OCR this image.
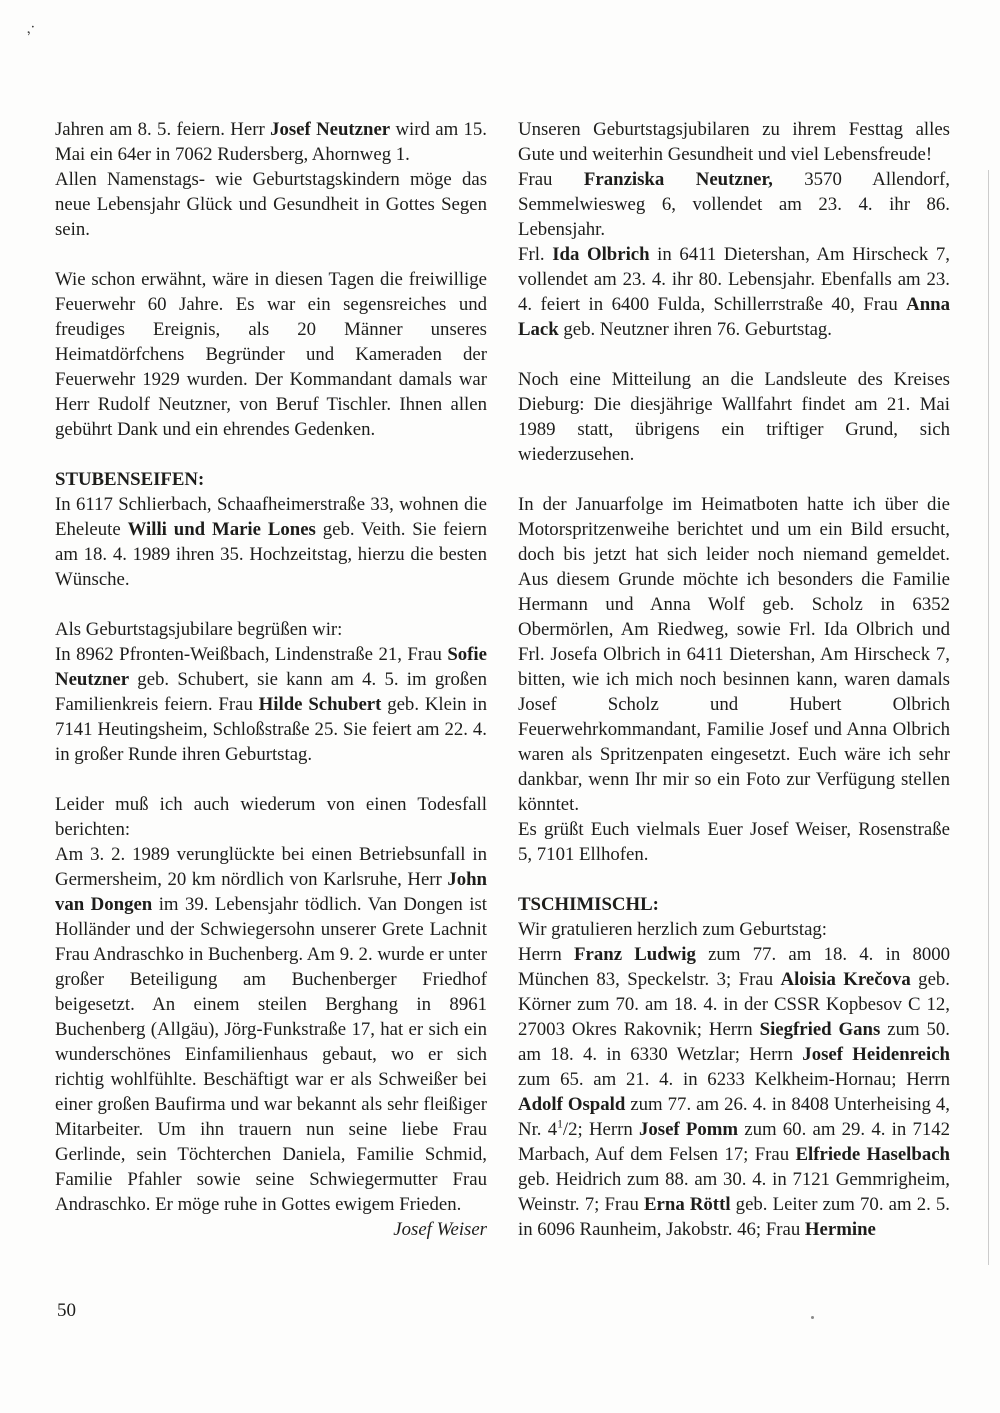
,·

Jahren am 8. 5. feiern. Herr Josef Neutzner wird am 15. Mai ein 64er in 7062 Rudersberg, Ahornweg 1.

Allen Namenstags- wie Geburtstagskindern möge das neue Lebensjahr Glück und Gesundheit in Gottes Segen sein.

Wie schon erwähnt, wäre in diesen Tagen die freiwillige Feuerwehr 60 Jahre. Es war ein segensreiches und freudiges Ereignis, als 20 Männer unseres Heimatdörfchens Begründer und Kameraden der Feuerwehr 1929 wurden. Der Kommandant damals war Herr Rudolf Neutzner, von Beruf Tischler. Ihnen allen gebührt Dank und ein ehrendes Gedenken.

STUBENSEIFEN:

In 6117 Schlierbach, Schaafheimerstraße 33, wohnen die Eheleute Willi und Marie Lones geb. Veith. Sie feiern am 18. 4. 1989 ihren 35. Hochzeitstag, hierzu die besten Wünsche.

Als Geburtstagsjubilare begrüßen wir:

In 8962 Pfronten-Weißbach, Lindenstraße 21, Frau Sofie Neutzner geb. Schubert, sie kann am 4. 5. im großen Familienkreis feiern. Frau Hilde Schubert geb. Klein in 7141 Heutingsheim, Schloßstraße 25. Sie feiert am 22. 4. in großer Runde ihren Geburtstag.

Leider muß ich auch wiederum von einen Todesfall berichten:

Am 3. 2. 1989 verunglückte bei einen Betriebsunfall in Germersheim, 20 km nördlich von Karlsruhe, Herr John van Dongen im 39. Lebensjahr tödlich. Van Dongen ist Holländer und der Schwiegersohn unserer Grete Lachnit Frau Andraschko in Buchenberg. Am 9. 2. wurde er unter großer Beteiligung am Buchenberger Friedhof beigesetzt. An einem steilen Berghang in 8961 Buchenberg (Allgäu), Jörg-Funkstraße 17, hat er sich ein wunderschönes Einfamilienhaus gebaut, wo er sich richtig wohlfühlte. Beschäftigt war er als Schweißer bei einer großen Baufirma und war bekannt als sehr fleißiger Mitarbeiter. Um ihn trauern nun seine liebe Frau Gerlinde, sein Töchterchen Daniela, Familie Schmid, Familie Pfahler sowie seine Schwiegermutter Frau Andraschko. Er möge ruhe in Gottes ewigem Frieden.

Josef Weiser

Unseren Geburtstagsjubilaren zu ihrem Festtag alles Gute und weiterhin Gesundheit und viel Lebensfreude!

Frau Franziska Neutzner, 3570 Allendorf, Semmelwiesweg 6, vollendet am 23. 4. ihr 86. Lebensjahr.

Frl. Ida Olbrich in 6411 Dietershan, Am Hirscheck 7, vollendet am 23. 4. ihr 80. Lebensjahr. Ebenfalls am 23. 4. feiert in 6400 Fulda, Schillerrstraße 40, Frau Anna Lack geb. Neutzner ihren 76. Geburtstag.

Noch eine Mitteilung an die Landsleute des Kreises Dieburg: Die diesjährige Wallfahrt findet am 21. Mai 1989 statt, übrigens ein triftiger Grund, sich wiederzusehen.

In der Januarfolge im Heimatboten hatte ich über die Motorspritzenweihe berichtet und um ein Bild ersucht, doch bis jetzt hat sich leider noch niemand gemeldet. Aus diesem Grunde möchte ich besonders die Familie Hermann und Anna Wolf geb. Scholz in 6352 Obermörlen, Am Riedweg, sowie Frl. Ida Olbrich und Frl. Josefa Olbrich in 6411 Dietershan, Am Hirscheck 7, bitten, wie ich mich noch besinnen kann, waren damals Josef Scholz und Hubert Olbrich Feuerwehrkommandant, Familie Josef und Anna Olbrich waren als Spritzenpaten eingesetzt. Euch wäre ich sehr dankbar, wenn Ihr mir so ein Foto zur Verfügung stellen könntet.

Es grüßt Euch vielmals Euer Josef Weiser, Rosenstraße 5, 7101 Ellhofen.

TSCHIMISCHL:

Wir gratulieren herzlich zum Geburtstag:

Herrn Franz Ludwig zum 77. am 18. 4. in 8000 München 83, Speckelstr. 3; Frau Aloisia Krečova geb. Körner zum 70. am 18. 4. in der CSSR Kopbesov C 12, 27003 Okres Rakovnik; Herrn Siegfried Gans zum 50. am 18. 4. in 6330 Wetzlar; Herrn Josef Heidenreich zum 65. am 21. 4. in 6233 Kelkheim-Hornau; Herrn Adolf Ospald zum 77. am 26. 4. in 8408 Unterheising 4, Nr. $4^1/2$; Herrn Josef Pomm zum 60. am 29. 4. in 7142 Marbach, Auf dem Felsen 17; Frau Elfriede Haselbach geb. Heidrich zum 88. am 30. 4. in 7121 Gemmrigheim, Weinstr. 7; Frau Erna Röttl geb. Leiter zum 70. am 2. 5. in 6096 Raunheim, Jakobstr. 46; Frau Hermine

50
